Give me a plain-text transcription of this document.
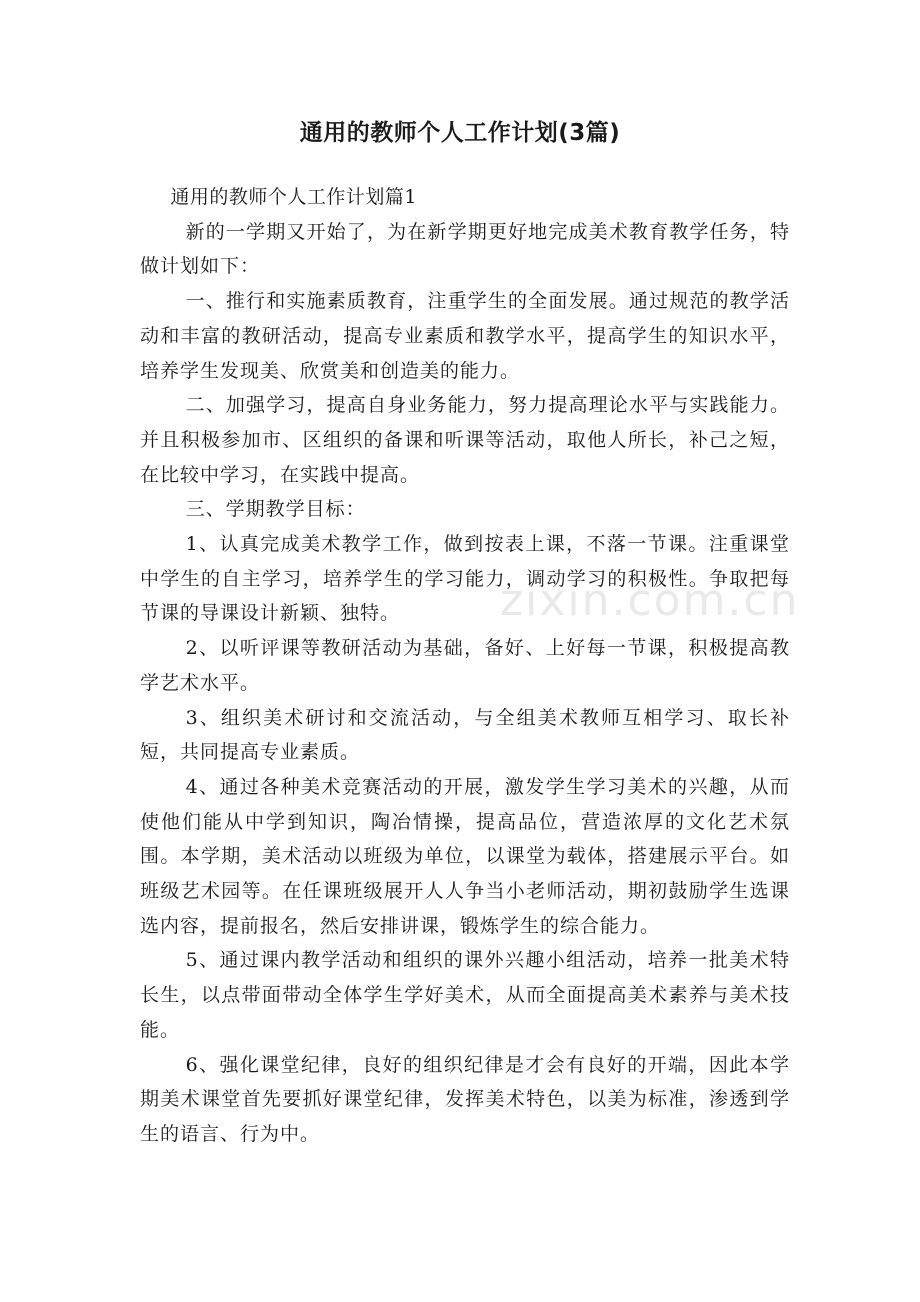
zixin.com.cn
通用的教师个人工作计划(3篇)

通用的教师个人工作计划篇1

新的一学期又开始了，为在新学期更好地完成美术教育教学任务，特做计划如下：

一、推行和实施素质教育，注重学生的全面发展。通过规范的教学活动和丰富的教研活动，提高专业素质和教学水平，提高学生的知识水平，培养学生发现美、欣赏美和创造美的能力。

二、加强学习，提高自身业务能力，努力提高理论水平与实践能力。并且积极参加市、区组织的备课和听课等活动，取他人所长，补己之短，在比较中学习，在实践中提高。

三、学期教学目标：

1、认真完成美术教学工作，做到按表上课，不落一节课。注重课堂中学生的自主学习，培养学生的学习能力，调动学习的积极性。争取把每节课的导课设计新颖、独特。

2、以听评课等教研活动为基础，备好、上好每一节课，积极提高教学艺术水平。

3、组织美术研讨和交流活动，与全组美术教师互相学习、取长补短，共同提高专业素质。

4、通过各种美术竞赛活动的开展，激发学生学习美术的兴趣，从而使他们能从中学到知识，陶冶情操，提高品位，营造浓厚的文化艺术氛围。本学期，美术活动以班级为单位，以课堂为载体，搭建展示平台。如班级艺术园等。在任课班级展开人人争当小老师活动，期初鼓励学生选课选内容，提前报名，然后安排讲课，锻炼学生的综合能力。

5、通过课内教学活动和组织的课外兴趣小组活动，培养一批美术特长生，以点带面带动全体学生学好美术，从而全面提高美术素养与美术技能。

6、强化课堂纪律，良好的组织纪律是才会有良好的开端，因此本学期美术课堂首先要抓好课堂纪律，发挥美术特色，以美为标准，渗透到学生的语言、行为中。
